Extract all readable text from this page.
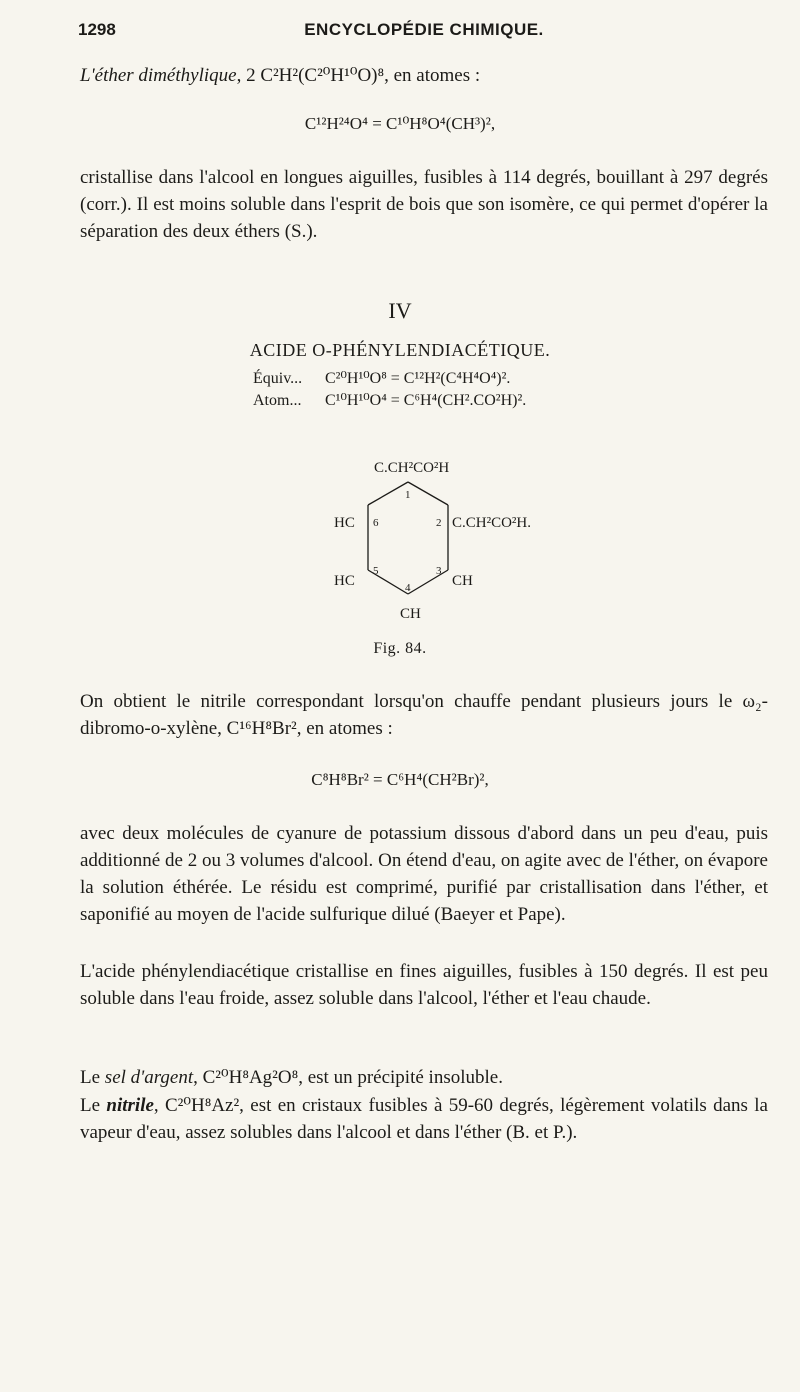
1298	ENCYCLOPÉDIE CHIMIQUE.

L'éther diméthylique, 2 C²H²(C²⁰H¹⁰O)⁸, en atomes :

C¹²H²⁴O⁴ = C¹⁰H⁸O⁴(CH³)²,

cristallise dans l'alcool en longues aiguilles, fusibles à 114 degrés, bouillant à 297 degrés (corr.). Il est moins soluble dans l'esprit de bois que son isomère, ce qui permet d'opérer la séparation des deux éthers (S.).

IV
ACIDE O-PHÉNYLENDIACÉTIQUE.
Équiv... C²⁰H¹⁰O⁸ = C¹²H²(C⁴H⁴O⁴)².
Atom... C¹⁰H¹⁰O⁴ = C⁶H⁴(CH².CO²H)².
C.CH²CO²H
C.CH²CO²H.
HC
HC	CH
CH
1
2
3
4
5
6
Fig. 84.

On obtient le nitrile correspondant lorsqu'on chauffe pendant plusieurs jours le ω₂-dibromo-o-xylène, C¹⁶H⁸Br², en atomes :

C⁸H⁸Br² = C⁶H⁴(CH²Br)²,

avec deux molécules de cyanure de potassium dissous d'abord dans un peu d'eau, puis additionné de 2 ou 3 volumes d'alcool. On étend d'eau, on agite avec de l'éther, on évapore la solution éthérée. Le résidu est comprimé, purifié par cristallisation dans l'éther, et saponifié au moyen de l'acide sulfurique dilué (Baeyer et Pape).

L'acide phénylendiacétique cristallise en fines aiguilles, fusibles à 150 degrés. Il est peu soluble dans l'eau froide, assez soluble dans l'alcool, l'éther et l'eau chaude.

Le sel d'argent, C²⁰H⁸Ag²O⁸, est un précipité insoluble.

Le nitrile, C²⁰H⁸Az², est en cristaux fusibles à 59-60 degrés, légèrement volatils dans la vapeur d'eau, assez solubles dans l'alcool et dans l'éther (B. et P.).
